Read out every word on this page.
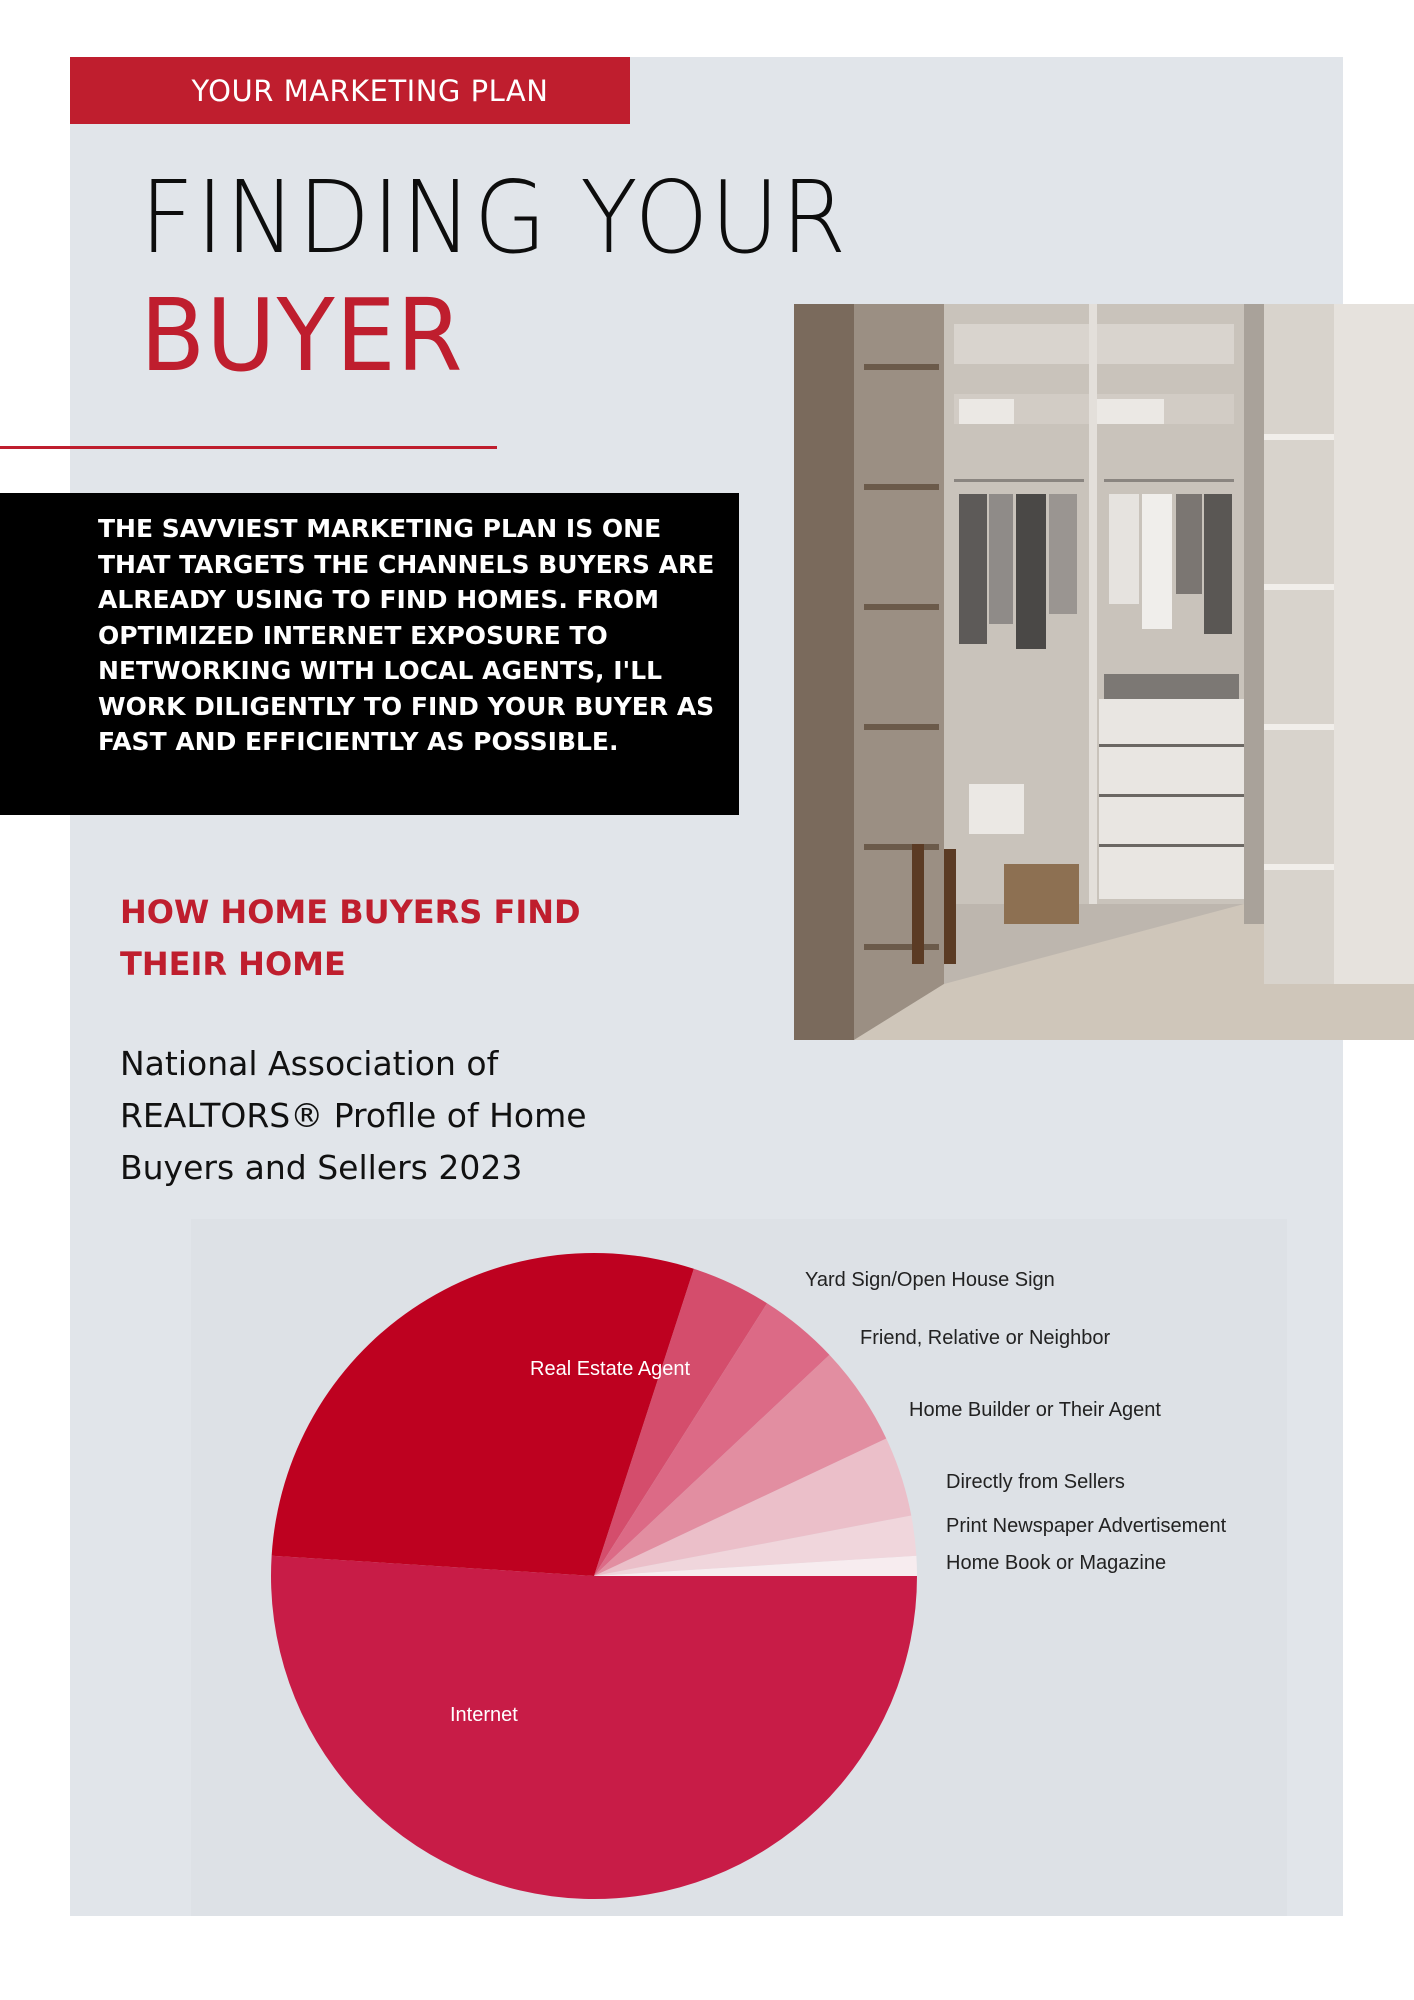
YOUR MARKETING PLAN
FINDING YOUR
BUYER
THE SAVVIEST MARKETING PLAN IS ONE THAT TARGETS THE CHANNELS BUYERS ARE ALREADY USING TO FIND HOMES. FROM OPTIMIZED INTERNET EXPOSURE TO NETWORKING WITH LOCAL AGENTS, I'LL WORK DILIGENTLY TO FIND YOUR BUYER AS FAST AND EFFICIENTLY AS POSSIBLE.
HOW HOME BUYERS FIND THEIR HOME
National Association of REALTORS® Proflle of Home Buyers and Sellers 2023
Internet
Real Estate Agent
Yard Sign/Open House Sign
Friend, Relative or Neighbor
Home Builder or Their Agent
Directly from Sellers
Print Newspaper Advertisement
Home Book or Magazine
